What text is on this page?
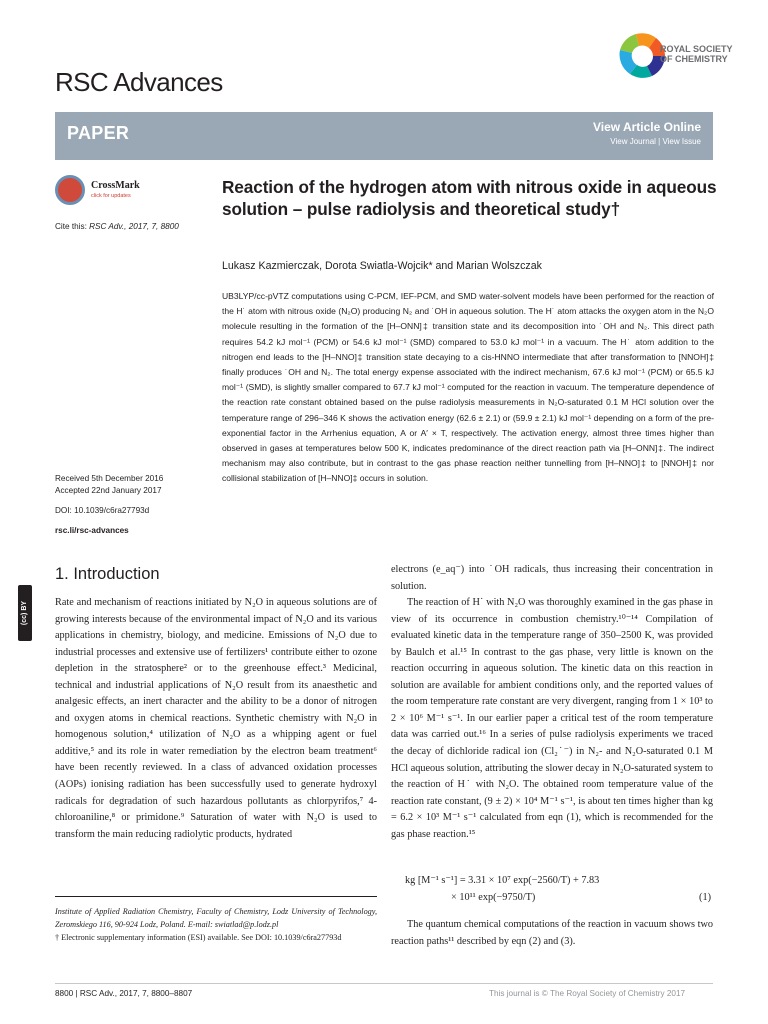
RSC Advances
ROYAL SOCIETY
OF CHEMISTRY
PAPER	View Article Online
View Journal | View Issue
CrossMark
click for updates
Cite this: RSC Adv., 2017, 7, 8800
Reaction of the hydrogen atom with nitrous oxide in aqueous solution – pulse radiolysis and theoretical study†
Lukasz Kazmierczak, Dorota Swiatla-Wojcik* and Marian Wolszczak
UB3LYP/cc-pVTZ computations using C-PCM, IEF-PCM, and SMD water-solvent models have been performed for the reaction of the H˙ atom with nitrous oxide (N₂O) producing N₂ and ˙OH in aqueous solution. The H˙ atom attacks the oxygen atom in the N₂O molecule resulting in the formation of the [H–ONN]‡ transition state and its decomposition into ˙OH and N₂. This direct path requires 54.2 kJ mol⁻¹ (PCM) or 54.6 kJ mol⁻¹ (SMD) compared to 53.0 kJ mol⁻¹ in a vacuum. The H˙ atom addition to the nitrogen end leads to the [H–NNO]‡ transition state decaying to a cis-HNNO intermediate that after transformation to [NNOH]‡ finally produces ˙OH and N₂. The total energy expense associated with the indirect mechanism, 67.6 kJ mol⁻¹ (PCM) or 65.5 kJ mol⁻¹ (SMD), is slightly smaller compared to 67.7 kJ mol⁻¹ computed for the reaction in vacuum. The temperature dependence of the reaction rate constant obtained based on the pulse radiolysis measurements in N₂O-saturated 0.1 M HCl solution over the temperature range of 296–346 K shows the activation energy (62.6 ± 2.1) or (59.9 ± 2.1) kJ mol⁻¹ depending on a form of the pre-exponential factor in the Arrhenius equation, A or A′ × T, respectively. The activation energy, almost three times higher than observed in gases at temperatures below 500 K, indicates predominance of the direct reaction path via [H–ONN]‡. The indirect mechanism may also contribute, but in contrast to the gas phase reaction neither tunnelling from [H–NNO]‡ to [NNOH]‡ nor collisional stabilization of [H–NNO]‡ occurs in solution.
Received 5th December 2016
Accepted 22nd January 2017
DOI: 10.1039/c6ra27793d
rsc.li/rsc-advances
(cc) BY
1. Introduction

Rate and mechanism of reactions initiated by N₂O in aqueous solutions are of growing interests because of the environmental impact of N₂O and its various applications in chemistry, biology, and medicine. Emissions of N₂O due to industrial processes and extensive use of fertilizers¹ contribute either to ozone depletion in the stratosphere² or to the greenhouse effect.³ Medicinal, technical and industrial applications of N₂O result from its anaesthetic and analgesic effects, an inert character and the ability to be a donor of nitrogen and oxygen atoms in chemical reactions. Synthetic chemistry with N₂O in homogenous solution,⁴ utilization of N₂O as a whipping agent or fuel additive,⁵ and its role in water remediation by the electron beam treatment⁶ have been recently reviewed. In a class of advanced oxidation processes (AOPs) ionising radiation has been successfully used to generate hydroxyl radicals for degradation of such hazardous pollutants as chlorpyrifos,⁷ 4-chloroaniline,⁸ or primidone.⁹ Saturation of water with N₂O is used to transform the main reducing radiolytic products, hydrated

Institute of Applied Radiation Chemistry, Faculty of Chemistry, Lodz University of Technology, Zeromskiego 116, 90-924 Lodz, Poland. E-mail: swiatlad@p.lodz.pl
† Electronic supplementary information (ESI) available. See DOI: 10.1039/c6ra27793d

electrons (e_aq⁻) into ˙OH radicals, thus increasing their concentration in solution.

The reaction of H˙ with N₂O was thoroughly examined in the gas phase in view of its occurrence in combustion chemistry.¹⁰⁻¹⁴ Compilation of evaluated kinetic data in the temperature range of 350–2500 K, was provided by Baulch et al.¹⁵ In contrast to the gas phase, very little is known on the reaction occurring in aqueous solution. The kinetic data on this reaction in solution are available for ambient conditions only, and the reported values of the room temperature rate constant are very divergent, ranging from 1 × 10³ to 2 × 10⁶ M⁻¹ s⁻¹. In our earlier paper a critical test of the room temperature data was carried out.¹⁶ In a series of pulse radiolysis experiments we traced the decay of dichloride radical ion (Cl₂˙⁻) in N₂- and N₂O-saturated 0.1 M HCl aqueous solution, attributing the slower decay in N₂O-saturated system to the reaction of H˙ with N₂O. The obtained room temperature value of the reaction rate constant, (9 ± 2) × 10⁴ M⁻¹ s⁻¹, is about ten times higher than kg = 6.2 × 10³ M⁻¹ s⁻¹ calculated from eqn (1), which is recommended for the gas phase reaction.¹⁵

kg [M⁻¹ s⁻¹] = 3.31 × 10⁷ exp(−2560/T) + 7.83
× 10¹¹ exp(−9750/T)	(1)

The quantum chemical computations of the reaction in vacuum shows two reaction paths¹¹ described by eqn (2) and (3).

8800 | RSC Adv., 2017, 7, 8800–8807	This journal is © The Royal Society of Chemistry 2017
